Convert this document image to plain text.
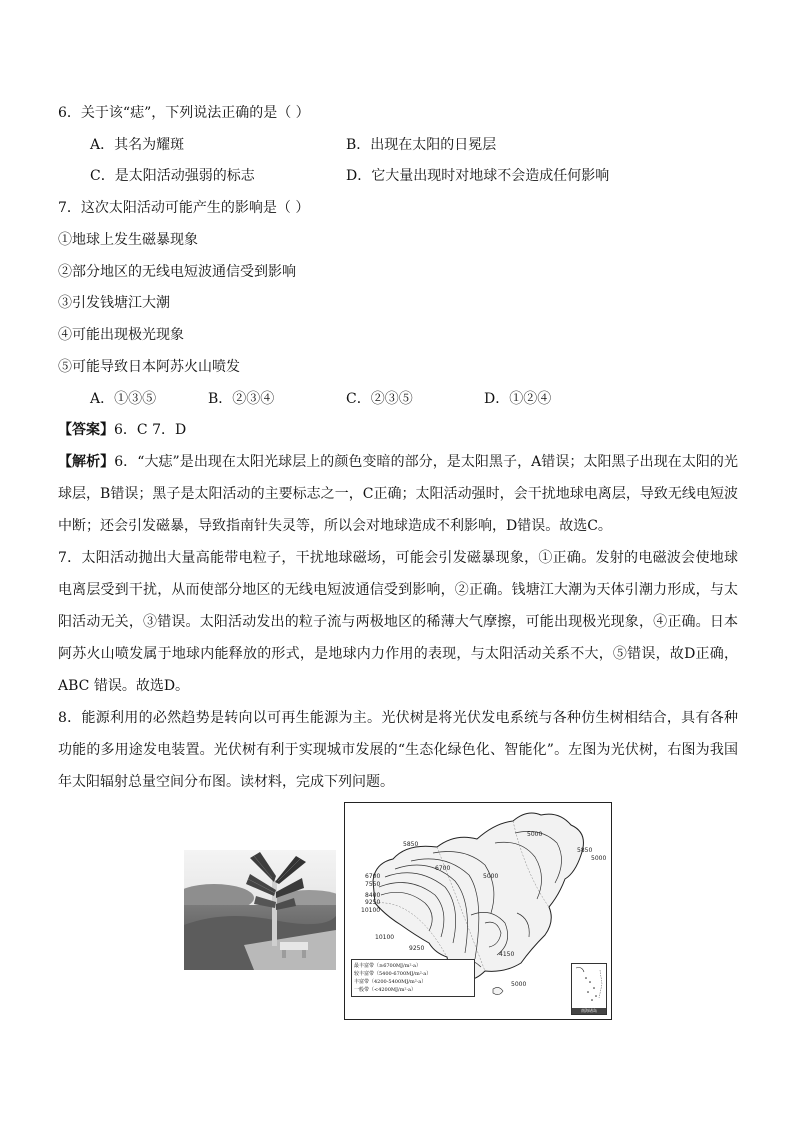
6．关于该“痣”，下列说法正确的是（ ）
A．其名为耀斑	B．出现在太阳的日冕层
C．是太阳活动强弱的标志	D．它大量出现时对地球不会造成任何影响
7．这次太阳活动可能产生的影响是（ ）
①地球上发生磁暴现象
②部分地区的无线电短波通信受到影响
③引发钱塘江大潮
④可能出现极光现象
⑤可能导致日本阿苏火山喷发
A．①③⑤	B．②③④	C．②③⑤	D．①②④
【答案】6．C 7．D
【解析】6．“大痣”是出现在太阳光球层上的颜色变暗的部分，是太阳黑子，A错误；太阳黑子出现在太阳的光球层，B错误；黑子是太阳活动的主要标志之一，C正确；太阳活动强时，会干扰地球电离层，导致无线电短波中断；还会引发磁暴，导致指南针失灵等，所以会对地球造成不利影响，D错误。故选C。
7．太阳活动抛出大量高能带电粒子，干扰地球磁场，可能会引发磁暴现象，①正确。发射的电磁波会使地球电离层受到干扰，从而使部分地区的无线电短波通信受到影响，②正确。钱塘江大潮为天体引潮力形成，与太阳活动无关，③错误。太阳活动发出的粒子流与两极地区的稀薄大气摩擦，可能出现极光现象，④正确。日本阿苏火山喷发属于地球内能释放的形式，是地球内力作用的表现，与太阳活动关系不大，⑤错误，故D正确，ABC 错误。故选D。
8．能源利用的必然趋势是转向以可再生能源为主。光伏树是将光伏发电系统与各种仿生树相结合，具有各种功能的多用途发电装置。光伏树有利于实现城市发展的“生态化绿色化、智能化”。左图为光伏树，右图为我国年太阳辐射总量空间分布图。读材料，完成下列问题。
5000
5850
5000
5850
6700
5000
6700
7550
8400
9250
10100
10100
9250
4150
5000
最丰富带（≥6700MJ/m²·a）
较丰富带（5400-6700MJ/m²·a）
丰富带（4200-5400MJ/m²·a）
一般带（<4200MJ/m²·a）
南海诸岛
